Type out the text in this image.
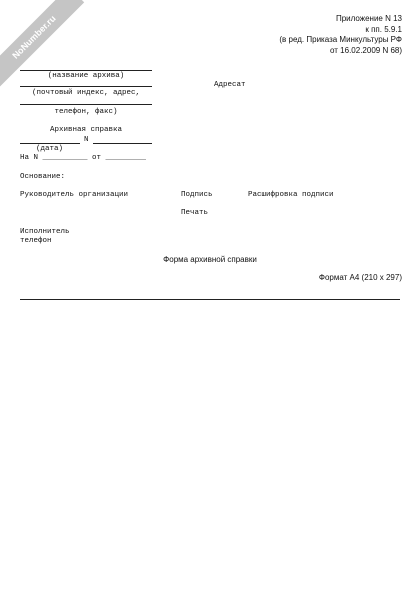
NoNumber.ru	Приложение N 13
к пп. 5.9.1
(в ред. Приказа Минкультуры РФ
от 16.02.2009 N 68)
(название архива)
(почтовый индекс, адрес,
телефон, факс)
Адресат
Архивная справка
N
(дата)
На N __________ от _________
Основание:
Руководитель организации	Подпись	Расшифровка подписи
Печать
Исполнитель
телефон
Форма архивной справки
Формат А4 (210 x 297)
